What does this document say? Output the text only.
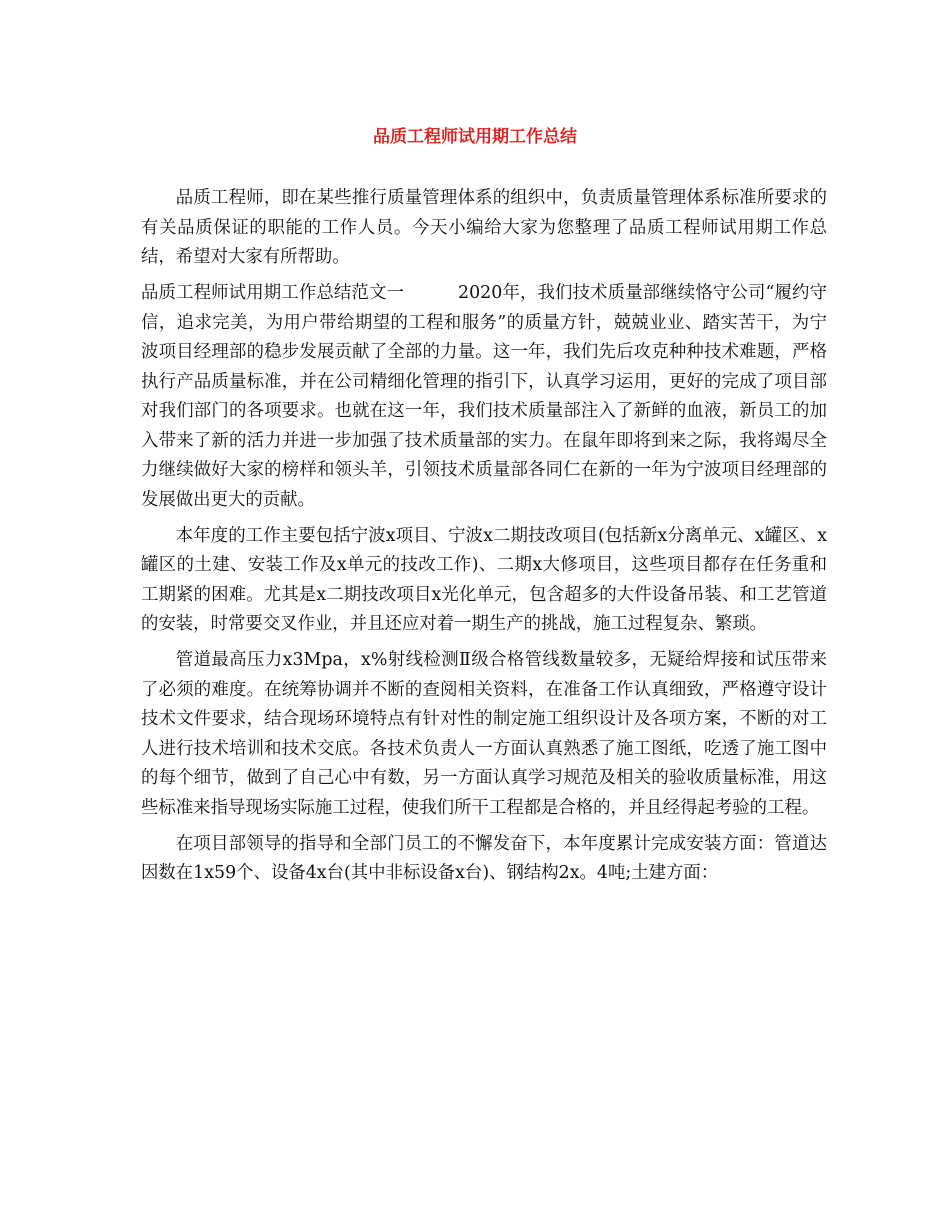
品质工程师试用期工作总结

品质工程师，即在某些推行质量管理体系的组织中，负责质量管理体系标准所要求的有关品质保证的职能的工作人员。今天小编给大家为您整理了品质工程师试用期工作总结，希望对大家有所帮助。

品质工程师试用期工作总结范文一	2020年，我们技术质量部继续恪守公司“履约守信，追求完美，为用户带给期望的工程和服务”的质量方针，兢兢业业、踏实苦干，为宁波项目经理部的稳步发展贡献了全部的力量。这一年，我们先后攻克种种技术难题，严格执行产品质量标准，并在公司精细化管理的指引下，认真学习运用，更好的完成了项目部对我们部门的各项要求。也就在这一年，我们技术质量部注入了新鲜的血液，新员工的加入带来了新的活力并进一步加强了技术质量部的实力。在鼠年即将到来之际，我将竭尽全力继续做好大家的榜样和领头羊，引领技术质量部各同仁在新的一年为宁波项目经理部的发展做出更大的贡献。

本年度的工作主要包括宁波x项目、宁波x二期技改项目(包括新x分离单元、x罐区、x罐区的土建、安装工作及x单元的技改工作)、二期x大修项目，这些项目都存在任务重和工期紧的困难。尤其是x二期技改项目x光化单元，包含超多的大件设备吊装、和工艺管道的安装，时常要交叉作业，并且还应对着一期生产的挑战，施工过程复杂、繁琐。

管道最高压力x3Mpa，x%射线检测Ⅱ级合格管线数量较多，无疑给焊接和试压带来了必须的难度。在统筹协调并不断的查阅相关资料，在准备工作认真细致，严格遵守设计技术文件要求，结合现场环境特点有针对性的制定施工组织设计及各项方案，不断的对工人进行技术培训和技术交底。各技术负责人一方面认真熟悉了施工图纸，吃透了施工图中的每个细节，做到了自己心中有数，另一方面认真学习规范及相关的验收质量标准，用这些标准来指导现场实际施工过程，使我们所干工程都是合格的，并且经得起考验的工程。

在项目部领导的指导和全部门员工的不懈发奋下，本年度累计完成安装方面：管道达因数在1x59个、设备4x台(其中非标设备x台)、钢结构2x。4吨;土建方面：
